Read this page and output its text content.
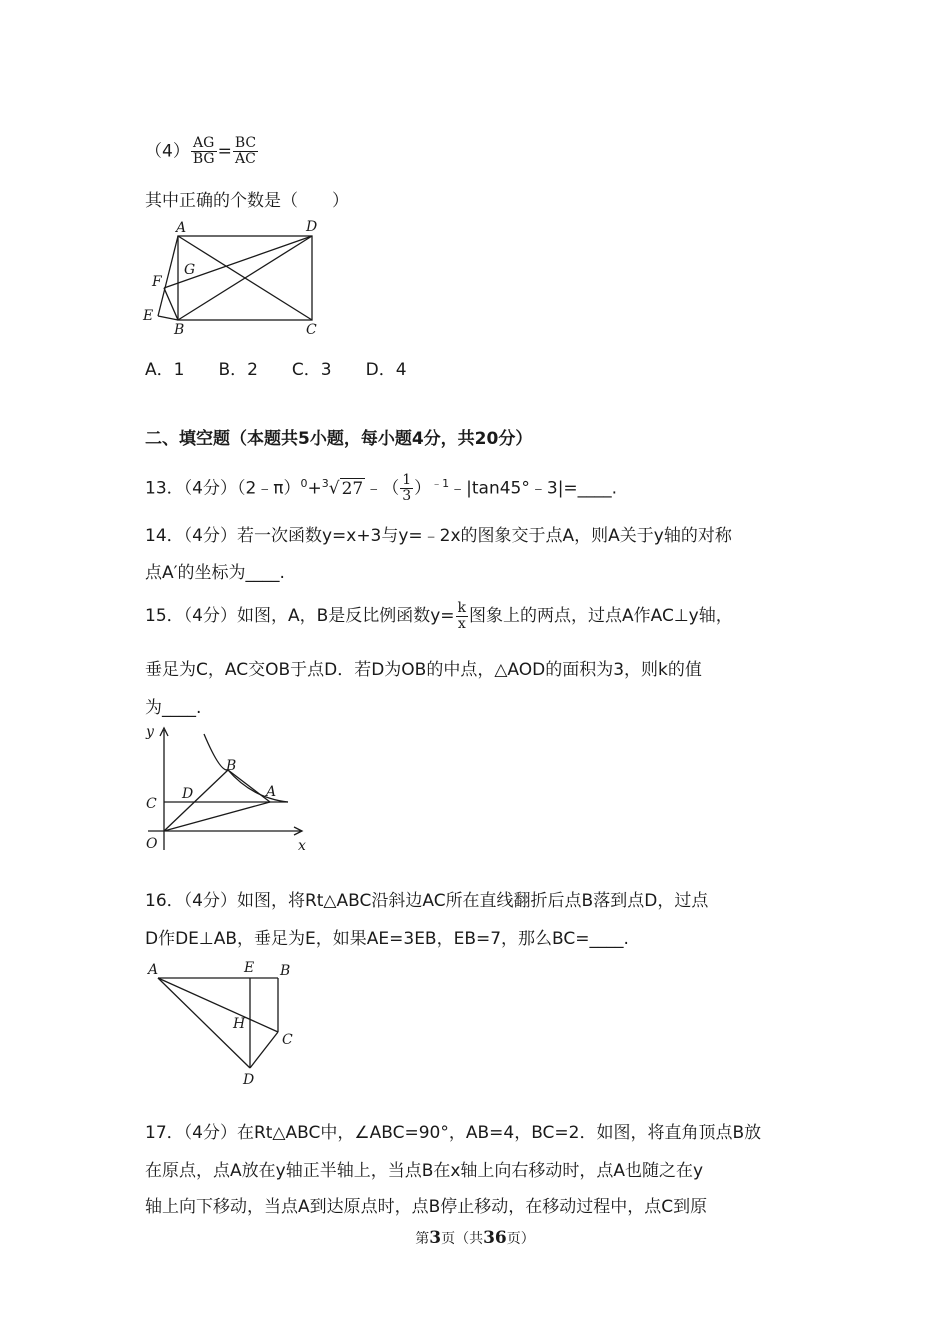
$(4) \frac{AG}{BG} = \frac{BC}{AC}$
其中正确的个数是（　　）
A	D
F
G
E
B	C
A．1　　B．2　　C．3　　D．4
二、填空题（本题共5小题，每小题4分，共20分）
13．（4分）（2﹣π）$^0$+$^3$√ 27 ﹣（ $\frac{1}{3}$ ）$^{﹣1}$﹣|tan45°﹣3|=____.
14．（4分）若一次函数y=x+3与y=﹣2x的图象交于点A，则A关于y轴的对称
点A′的坐标为____.
15．（4分）如图，A，B是反比例函数$y= \frac{k}{x}$ 图象上的两点，过点A作AC⊥y轴，
垂足为C，AC交OB于点D．若D为OB的中点，△AOD的面积为3，则k的值
为____.
y
B
C
D	A
O	x
16．（4分）如图，将Rt△ABC沿斜边AC所在直线翻折后点B落到点D，过点
D作DE⊥AB，垂足为E，如果AE=3EB，EB=7，那么BC=____.
A	E B
H
C
D
17．（4分）在Rt△ABC中，∠ABC=90°，AB=4，BC=2．如图，将直角顶点B放
在原点，点A放在y轴正半轴上，当点B在x轴上向右移动时，点A也随之在y
轴上向下移动，当点A到达原点时，点B停止移动，在移动过程中，点C到原
第3页（共36页）
